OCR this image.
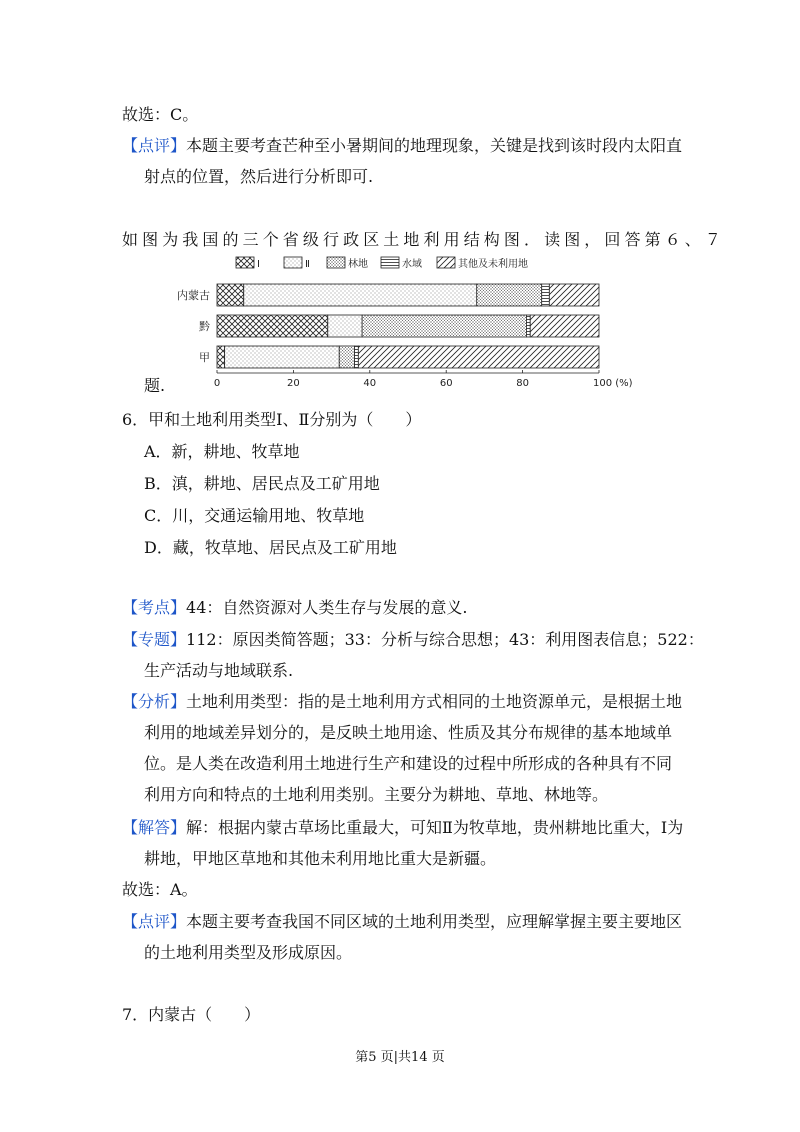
故选：C。
【点评】本题主要考查芒种至小暑期间的地理现象，关键是找到该时段内太阳直
射点的位置，然后进行分析即可.
如图为我国的三个省级行政区土地利用结构图．读图，回答第６、７
Ⅰ	Ⅱ	林地	水域	其他及未利用地
内蒙古
黔
甲
0	20	40	60	80	100 (%)
题.
6．甲和土地利用类型Ⅰ、Ⅱ分别为（　　）
A．新，耕地、牧草地
B．滇，耕地、居民点及工矿用地
C．川，交通运输用地、牧草地
D．藏，牧草地、居民点及工矿用地
【考点】44：自然资源对人类生存与发展的意义.
【专题】112：原因类简答题；33：分析与综合思想；43：利用图表信息；522：
生产活动与地域联系.
【分析】土地利用类型：指的是土地利用方式相同的土地资源单元，是根据土地
利用的地域差异划分的，是反映土地用途、性质及其分布规律的基本地域单
位。是人类在改造利用土地进行生产和建设的过程中所形成的各种具有不同
利用方向和特点的土地利用类别。主要分为耕地、草地、林地等。
【解答】解：根据内蒙古草场比重最大，可知Ⅱ为牧草地，贵州耕地比重大，Ⅰ为
耕地，甲地区草地和其他未利用地比重大是新疆。
故选：A。
【点评】本题主要考查我国不同区域的土地利用类型，应理解掌握主要主要地区
的土地利用类型及形成原因。
7．内蒙古（　　）
第5 页|共14 页
